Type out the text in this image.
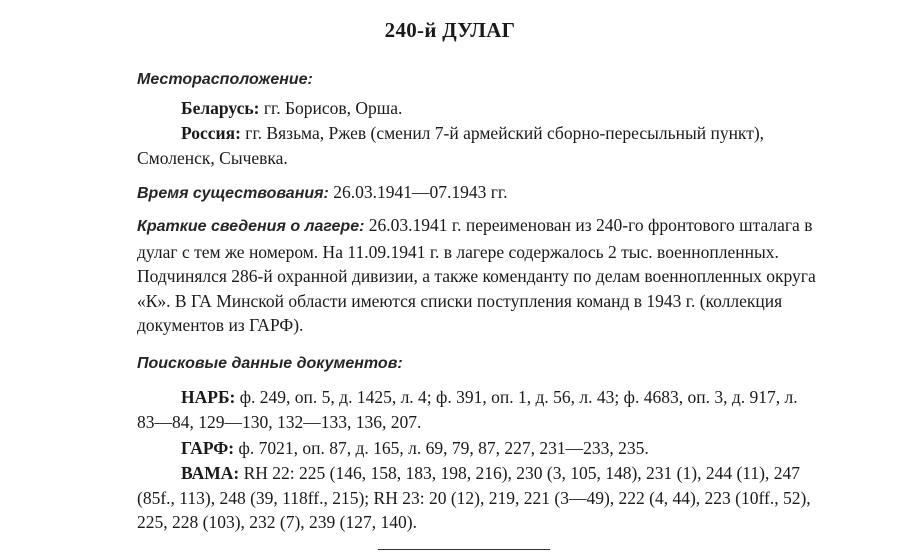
240-й ДУЛАГ
Месторасположение:

Беларусь: гг. Борисов, Орша.

Россия: гг. Вязьма, Ржев (сменил 7-й армейский сборно-пересыльный пункт), Смоленск, Сычевка.

Время существования: 26.03.1941—07.1943 гг.

Краткие сведения о лагере: 26.03.1941 г. переименован из 240-го фронтового шталага в дулаг с тем же номером. На 11.09.1941 г. в лагере содержалось 2 тыс. военнопленных. Подчинялся 286-й охранной дивизии, а также коменданту по делам военнопленных округа «К». В ГА Минской области имеются списки поступления команд в 1943 г. (коллекция документов из ГАРФ).

Поисковые данные документов:

НАРБ: ф. 249, оп. 5, д. 1425, л. 4; ф. 391, оп. 1, д. 56, л. 43; ф. 4683, оп. 3, д. 917, л. 83—84, 129—130, 132—133, 136, 207.

ГАРФ: ф. 7021, оп. 87, д. 165, л. 69, 79, 87, 227, 231—233, 235.

ВАМА: RH 22: 225 (146, 158, 183, 198, 216), 230 (3, 105, 148), 231 (1), 244 (11), 247 (85f., 113), 248 (39, 118ff., 215); RH 23: 20 (12), 219, 221 (3—49), 222 (4, 44), 223 (10ff., 52), 225, 228 (103), 232 (7), 239 (127, 140).
